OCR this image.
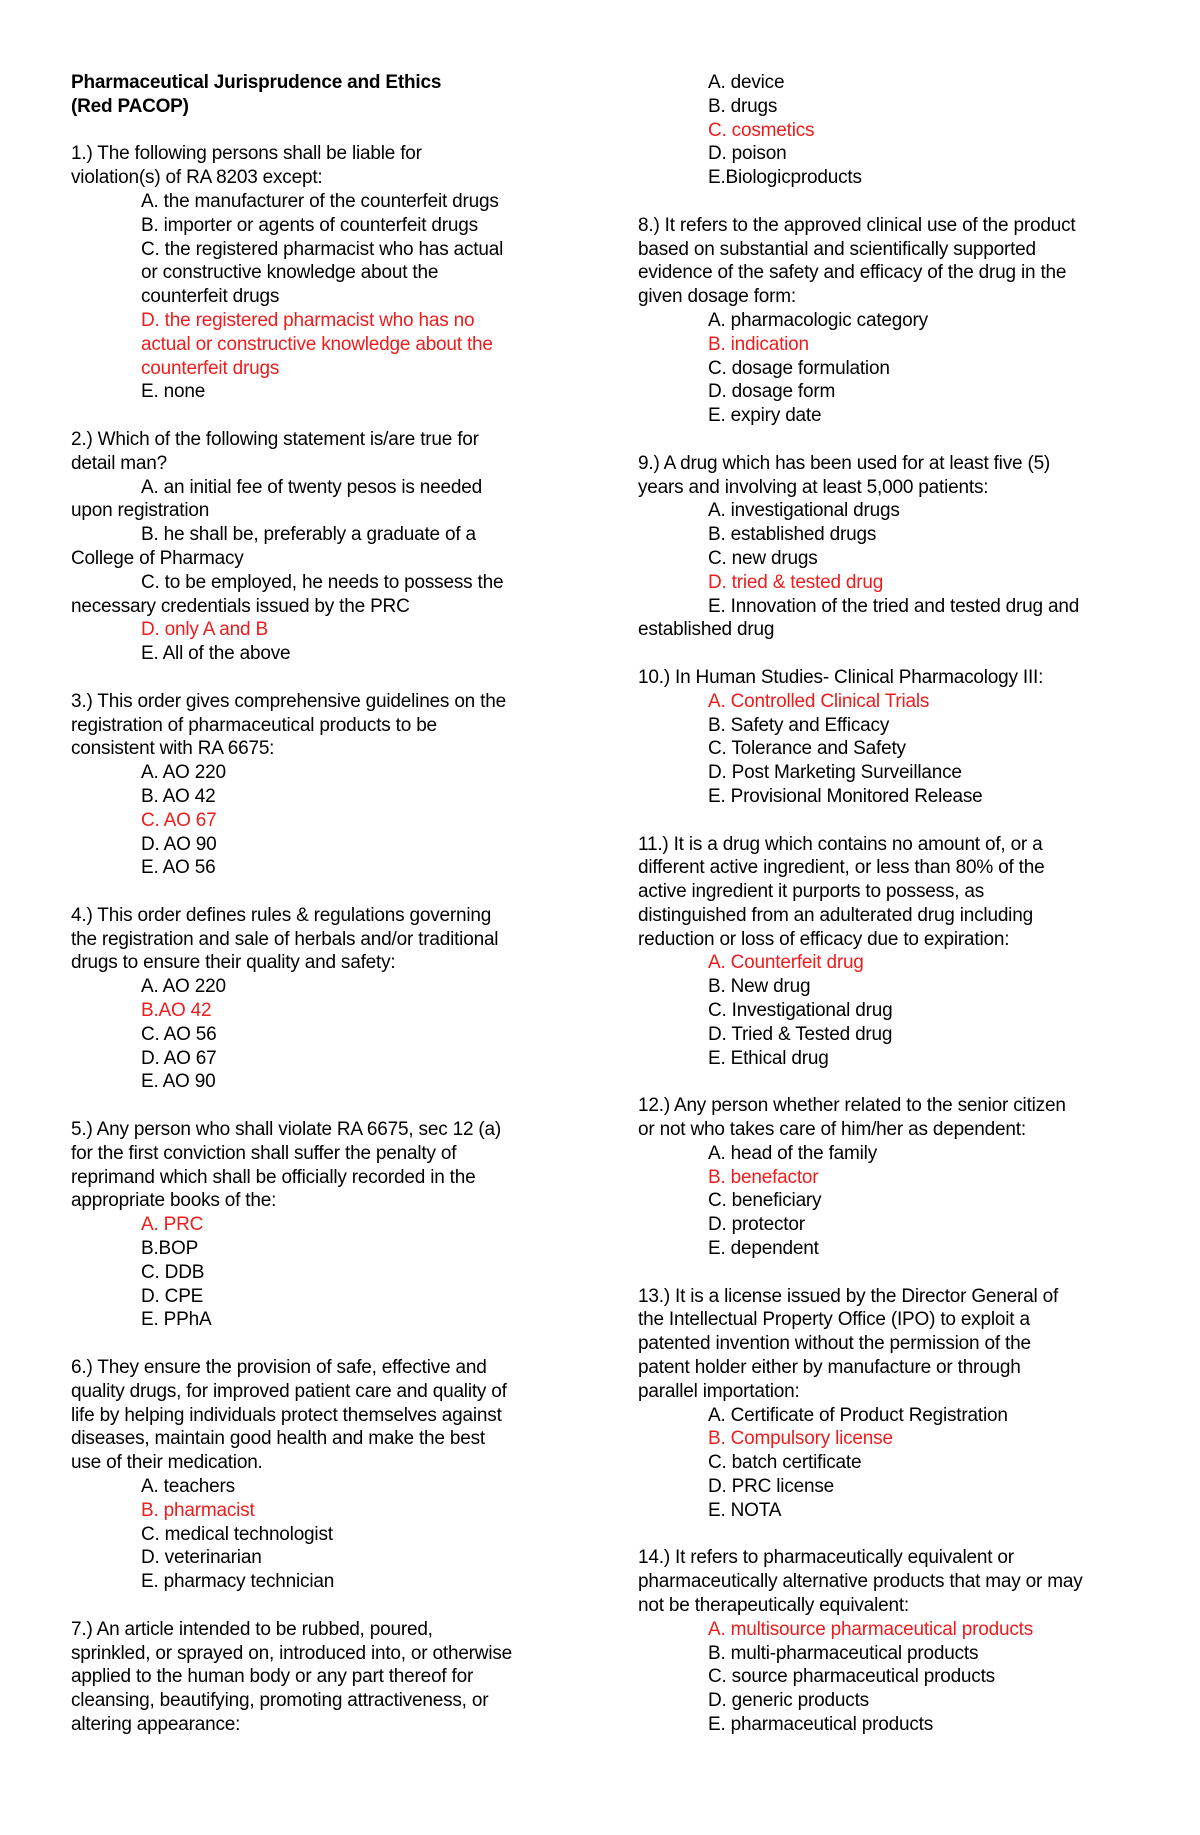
Pharmaceutical Jurisprudence and Ethics
(Red PACOP)
1.) The following persons shall be liable for
violation(s) of RA 8203 except:
A. the manufacturer of the counterfeit drugs
B. importer or agents of counterfeit drugs
C. the registered pharmacist who has actual
or constructive knowledge about the
counterfeit drugs
D. the registered pharmacist who has no
actual or constructive knowledge about the
counterfeit drugs
E. none
2.) Which of the following statement is/are true for
detail man?
A. an initial fee of twenty pesos is needed
upon registration
B. he shall be, preferably a graduate of a
College of Pharmacy
C. to be employed, he needs to possess the
necessary credentials issued by the PRC
D. only A and B
E. All of the above
3.) This order gives comprehensive guidelines on the
registration of pharmaceutical products to be
consistent with RA 6675:
A. AO 220
B. AO 42
C. AO 67
D. AO 90
E. AO 56
4.) This order defines rules & regulations governing
the registration and sale of herbals and/or traditional
drugs to ensure their quality and safety:
A. AO 220
B.AO 42
C. AO 56
D. AO 67
E. AO 90
5.) Any person who shall violate RA 6675, sec 12 (a)
for the first conviction shall suffer the penalty of
reprimand which shall be officially recorded in the
appropriate books of the:
A. PRC
B.BOP
C. DDB
D. CPE
E. PPhA
6.) They ensure the provision of safe, effective and
quality drugs, for improved patient care and quality of
life by helping individuals protect themselves against
diseases, maintain good health and make the best
use of their medication.
A. teachers
B. pharmacist
C. medical technologist
D. veterinarian
E. pharmacy technician
7.) An article intended to be rubbed, poured,
sprinkled, or sprayed on, introduced into, or otherwise
applied to the human body or any part thereof for
cleansing, beautifying, promoting attractiveness, or
altering appearance:
A. device
B. drugs
C. cosmetics
D. poison
E.Biologicproducts
8.) It refers to the approved clinical use of the product
based on substantial and scientifically supported
evidence of the safety and efficacy of the drug in the
given dosage form:
A. pharmacologic category
B. indication
C. dosage formulation
D. dosage form
E. expiry date
9.) A drug which has been used for at least five (5)
years and involving at least 5,000 patients:
A. investigational drugs
B. established drugs
C. new drugs
D. tried & tested drug
E. Innovation of the tried and tested drug and
established drug
10.) In Human Studies- Clinical Pharmacology III:
A. Controlled Clinical Trials
B. Safety and Efficacy
C. Tolerance and Safety
D. Post Marketing Surveillance
E. Provisional Monitored Release
11.) It is a drug which contains no amount of, or a
different active ingredient, or less than 80% of the
active ingredient it purports to possess, as
distinguished from an adulterated drug including
reduction or loss of efficacy due to expiration:
A. Counterfeit drug
B. New drug
C. Investigational drug
D. Tried & Tested drug
E. Ethical drug
12.) Any person whether related to the senior citizen
or not who takes care of him/her as dependent:
A. head of the family
B. benefactor
C. beneficiary
D. protector
E. dependent
13.) It is a license issued by the Director General of
the Intellectual Property Office (IPO) to exploit a
patented invention without the permission of the
patent holder either by manufacture or through
parallel importation:
A. Certificate of Product Registration
B. Compulsory license
C. batch certificate
D. PRC license
E. NOTA
14.) It refers to pharmaceutically equivalent or
pharmaceutically alternative products that may or may
not be therapeutically equivalent:
A. multisource pharmaceutical products
B. multi-pharmaceutical products
C. source pharmaceutical products
D. generic products
E. pharmaceutical products
